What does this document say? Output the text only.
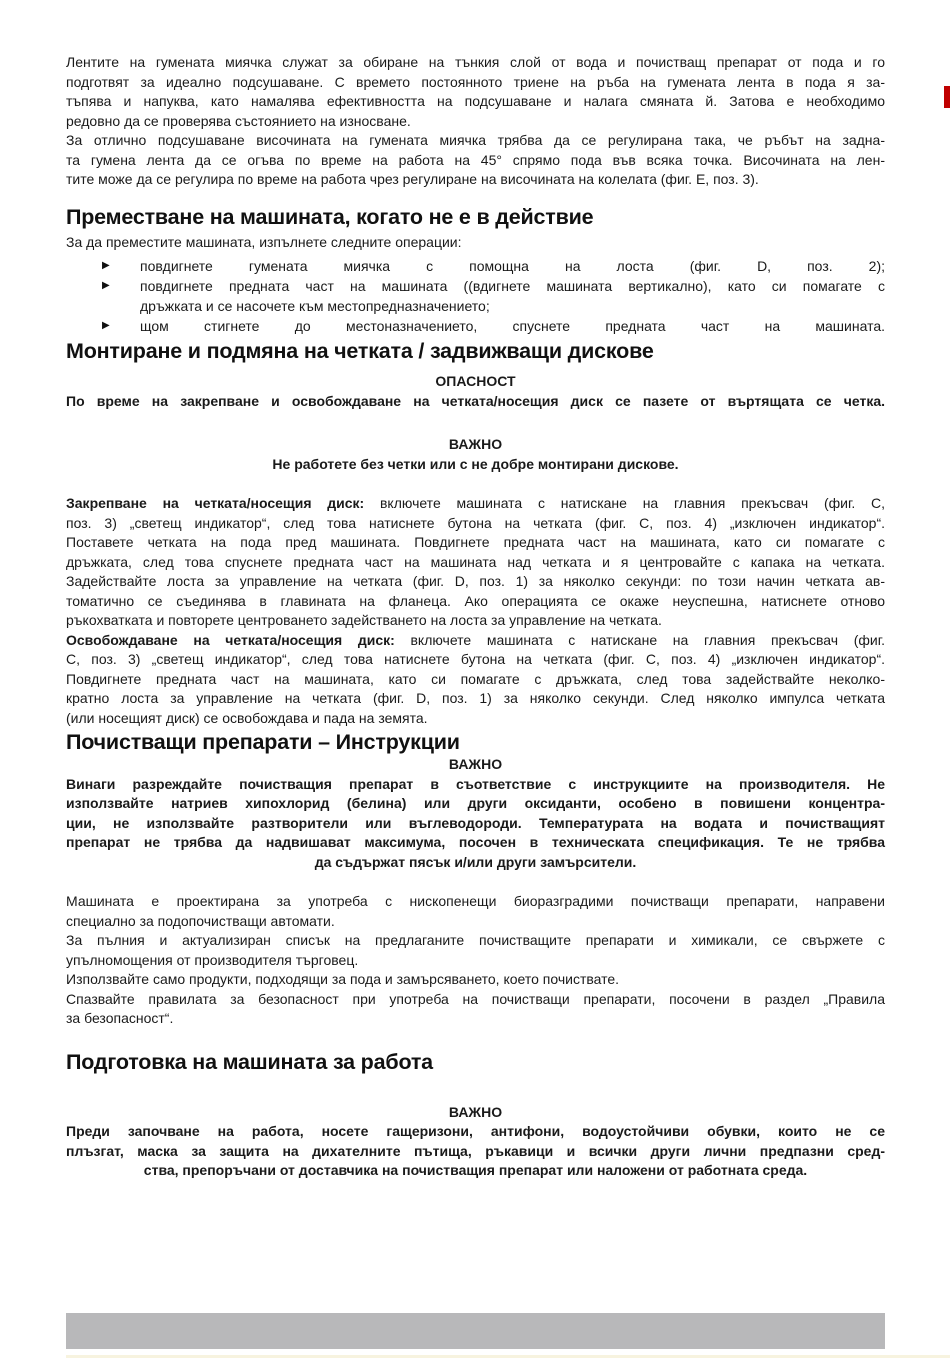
Лентите на гумената миячка служат за обиране на тънкия слой от вода и почистващ препарат от пода и го
подготвят за идеално подсушаване. С времето постоянното триене на ръба на гумената лента в пода я за-
тъпява и напуква, като намалява ефективността на подсушаване и налага смяната й. Затова е необходимо
редовно да се проверява състоянието на износване.
За отлично подсушаване височината на гумената миячка трябва да се регулирана така, че ръбът на задна-
та гумена лента да се огъва по време на работа на 45° спрямо пода във всяка точка. Височината на лен-
тите може да се регулира по време на работа чрез регулиране на височината на колелата (фиг. Е, поз. 3).
Преместване на машината, когато не е в действие
За да преместите машината, изпълнете следните операции:
▶ повдигнете гумената миячка с помощна на лоста (фиг. D, поз. 2);
▶ повдигнете предната част на машината ((вдигнете машината вертикално), като си помагате с
дръжката и се насочете към местопредназначението;
▶ щом стигнете до местоназначението, спуснете предната част на машината.
Монтиране и подмяна на четката / задвижващи дискове
ОПАСНОСТ
По време на закрепване и освобождаване на четката/носещия диск се пазете от въртящата се четка.
ВАЖНО
Не работете без четки или с не добре монтирани дискове.
Закрепване на четката/носещия диск: включете машината с натискане на главния прекъсвач (фиг. C,
поз. 3) „светещ индикатор“, след това натиснете бутона на четката (фиг. C, поз. 4) „изключен индикатор“.
Поставете четката на пода пред машината. Повдигнете предната част на машината, като си помагате с
дръжката, след това спуснете предната част на машината над четката и я центровайте с капака на четката.
Задействайте лоста за управление на четката (фиг. D, поз. 1) за няколко секунди: по този начин четката ав-
томатично се съединява в главината на фланеца. Ако операцията се окаже неуспешна, натиснете отново
ръкохватката и повторете центроването задействането на лоста за управление на четката.
Освобождаване на четката/носещия диск: включете машината с натискане на главния прекъсвач (фиг.
C, поз. 3) „светещ индикатор“, след това натиснете бутона на четката (фиг. C, поз. 4) „изключен индикатор“.
Повдигнете предната част на машината, като си помагате с дръжката, след това задействайте неколко-
кратно лоста за управление на четката (фиг. D, поз. 1) за няколко секунди. След няколко импулса четката
(или носещият диск) се освобождава и пада на земята.
Почистващи препарати – Инструкции
ВАЖНО
Винаги разреждайте почистващия препарат в съответствие с инструкциите на производителя. Не
използвайте натриев хипохлорид (белина) или други оксиданти, особено в повишени концентра-
ции, не използвайте разтворители или въглеводороди. Температурата на водата и почистващият
препарат не трябва да надвишават максимума, посочен в техническата спецификация. Те не трябва
да съдържат пясък и/или други замърсители.
Машината е проектирана за употреба с нископенещи биоразградими почистващи препарати, направени
специално за подопочистващи автомати.
За пълния и актуализиран списък на предлаганите почистващите препарати и химикали, се свържете с
упълномощения от производителя търговец.
Използвайте само продукти, подходящи за пода и замърсяването, което почиствате.
Спазвайте правилата за безопасност при употреба на почистващи препарати, посочени в раздел „Правила
за безопасност“.
Подготовка на машината за работа
ВАЖНО
Преди започване на работа, носете гащеризони, антифони, водоустойчиви обувки, които не се
плъзгат, маска за защита на дихателните пътища, ръкавици и всички други лични предпазни сред-
ства, препоръчани от доставчика на почистващия препарат или наложени от работната среда.
